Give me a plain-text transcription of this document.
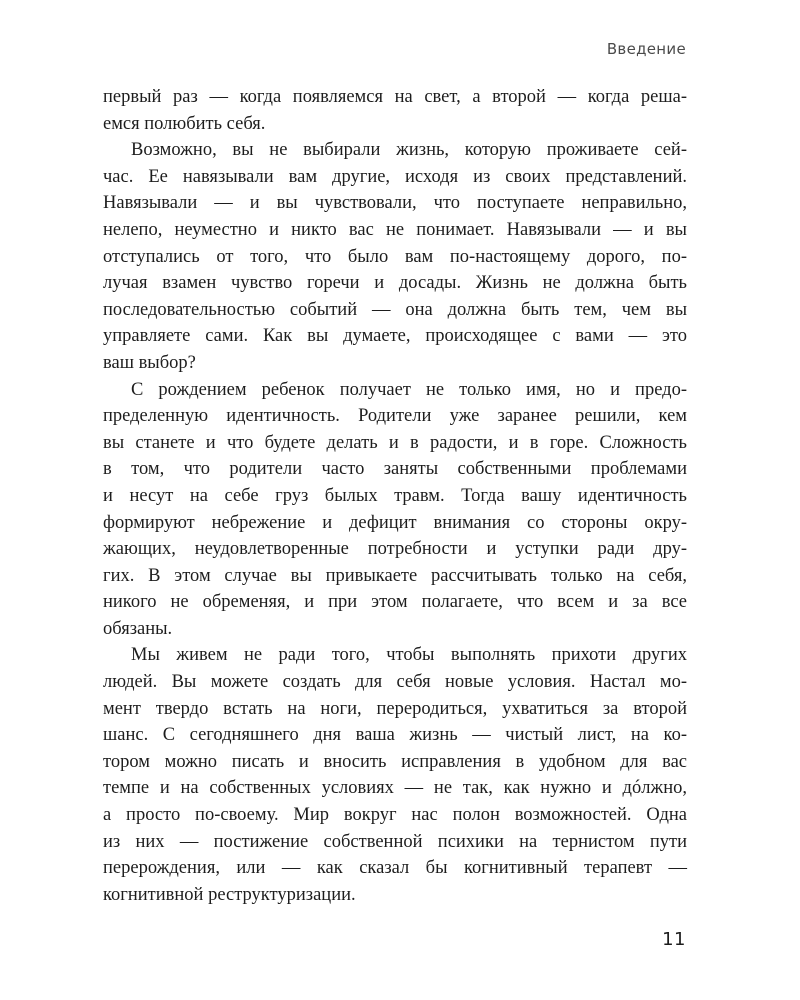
Введение
первый раз — когда появляемся на свет, а второй — когда реша-
емся полюбить себя.
Возможно, вы не выбирали жизнь, которую проживаете сей-
час. Ее навязывали вам другие, исходя из своих представлений.
Навязывали — и вы чувствовали, что поступаете неправильно,
нелепо, неуместно и никто вас не понимает. Навязывали — и вы
отступались от того, что было вам по-настоящему дорого, по-
лучая взамен чувство горечи и досады. Жизнь не должна быть
последовательностью событий — она должна быть тем, чем вы
управляете сами. Как вы думаете, происходящее с вами — это
ваш выбор?
С рождением ребенок получает не только имя, но и предо-
пределенную идентичность. Родители уже заранее решили, кем
вы станете и что будете делать и в радости, и в горе. Сложность
в том, что родители часто заняты собственными проблемами
и несут на себе груз былых травм. Тогда вашу идентичность
формируют небрежение и дефицит внимания со стороны окру-
жающих, неудовлетворенные потребности и уступки ради дру-
гих. В этом случае вы привыкаете рассчитывать только на себя,
никого не обременяя, и при этом полагаете, что всем и за все
обязаны.
Мы живем не ради того, чтобы выполнять прихоти других
людей. Вы можете создать для себя новые условия. Настал мо-
мент твердо встать на ноги, переродиться, ухватиться за второй
шанс. С сегодняшнего дня ваша жизнь — чистый лист, на ко-
тором можно писать и вносить исправления в удобном для вас
темпе и на собственных условиях — не так, как нужно и дóлжно,
а просто по-своему. Мир вокруг нас полон возможностей. Одна
из них — постижение собственной психики на тернистом пути
перерождения, или — как сказал бы когнитивный терапевт —
когнитивной реструктуризации.
11
